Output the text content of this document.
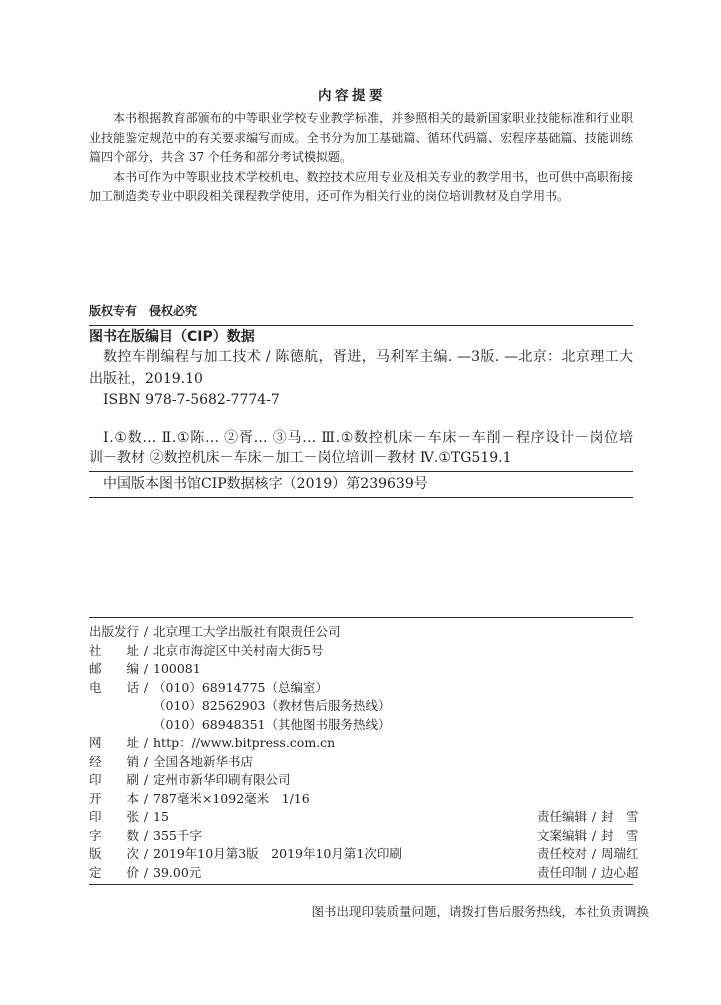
内容提要
本书根据教育部颁布的中等职业学校专业教学标准，并参照相关的最新国家职业技能标准和行业职
业技能鉴定规范中的有关要求编写而成。全书分为加工基础篇、循环代码篇、宏程序基础篇、技能训练
篇四个部分，共含 37 个任务和部分考试模拟题。
本书可作为中等职业技术学校机电、数控技术应用专业及相关专业的教学用书，也可供中高职衔接
加工制造类专业中职段相关课程教学使用，还可作为相关行业的岗位培训教材及自学用书。
版权专有　侵权必究
图书在版编目（CIP）数据
数控车削编程与加工技术 / 陈德航，胥进，马利军主编. —3版. —北京：北京理工大
出版社，2019.10
ISBN 978-7-5682-7774-7
Ⅰ.①数… Ⅱ.①陈… ②胥… ③马… Ⅲ.①数控机床－车床－车削－程序设计－岗位培
训－教材 ②数控机床－车床－加工－岗位培训－教材 Ⅳ.①TG519.1
中国版本图书馆CIP数据核字（2019）第239639号
出版发行 / 北京理工大学出版社有限责任公司
社　　址 / 北京市海淀区中关村南大街5号
邮　　编 / 100081
电　　话 / （010）68914775（总编室）
（010）82562903（教材售后服务热线）
（010）68948351（其他图书服务热线）
网　　址 / http：//www.bitpress.com.cn
经　　销 / 全国各地新华书店
印　　刷 / 定州市新华印刷有限公司
开　　本 / 787毫米×1092毫米　1/16
印　　张 / 15
字　　数 / 355千字
版　　次 / 2019年10月第3版　2019年10月第1次印刷
定　　价 / 39.00元
责任编辑 / 封　雪
文案编辑 / 封　雪
责任校对 / 周瑞红
责任印制 / 边心超
图书出现印装质量问题，请拨打售后服务热线，本社负责调换
